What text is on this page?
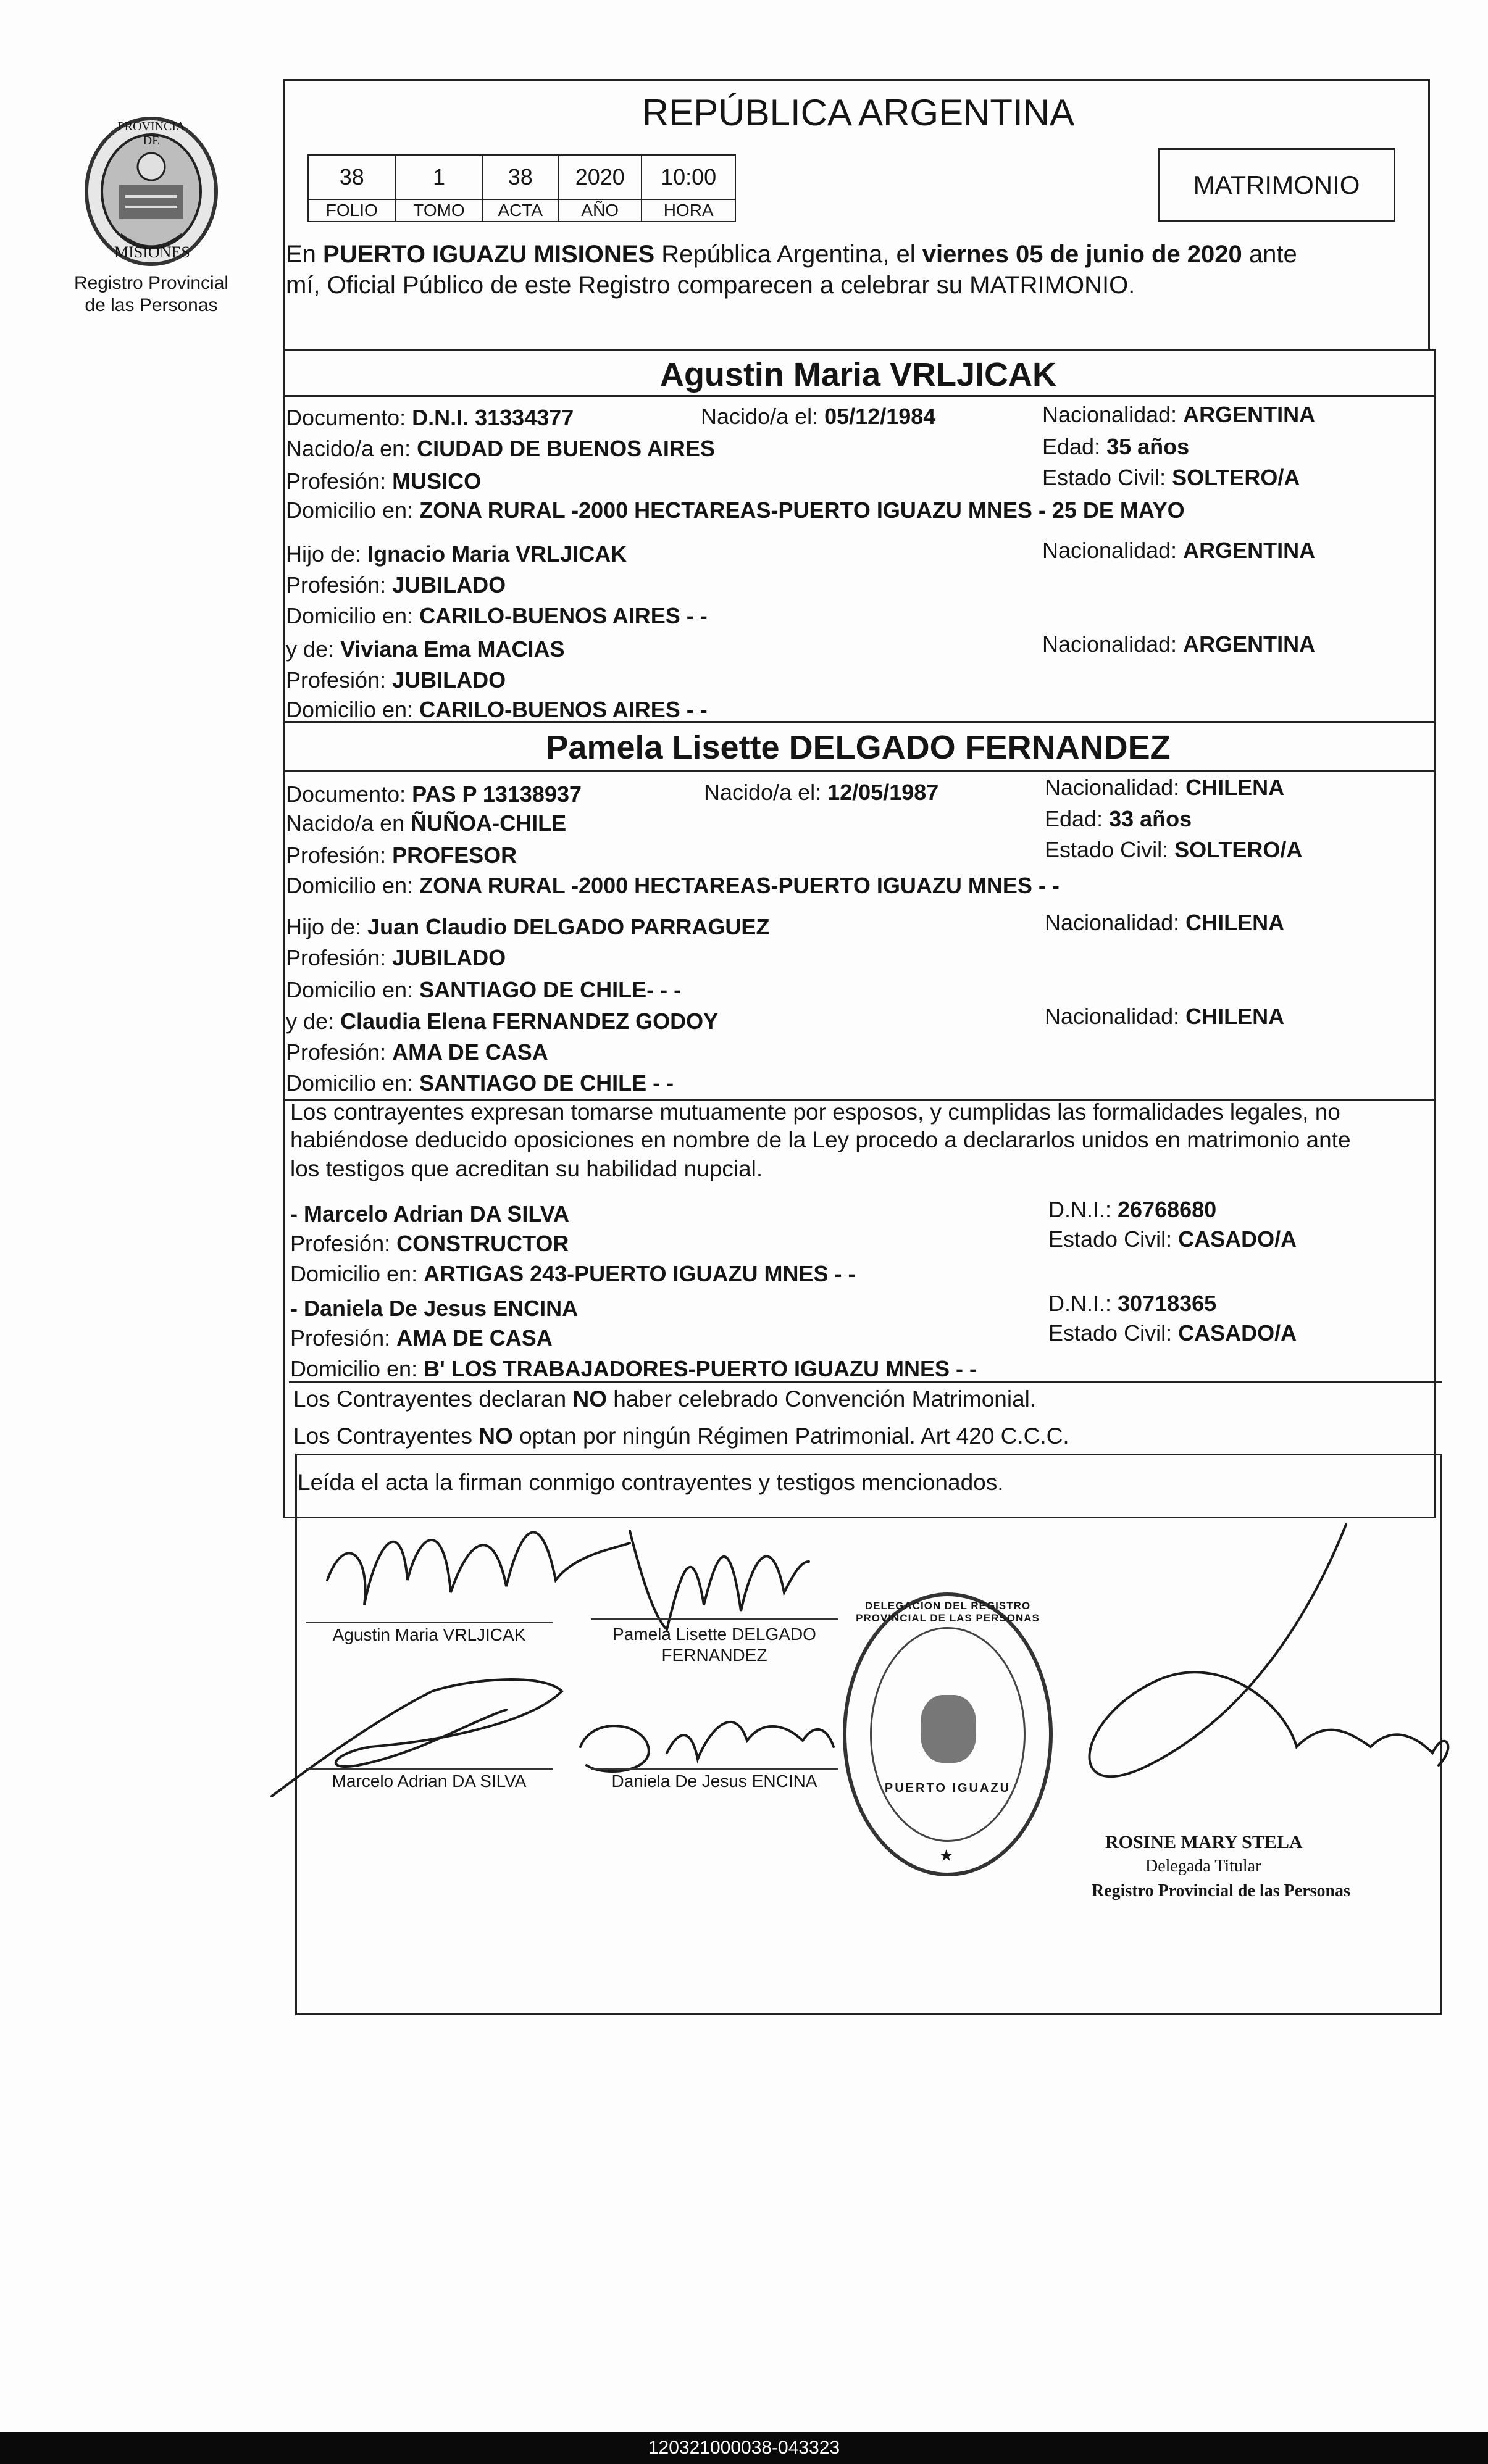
PROVINCIA DE
MISIONES
Registro Provincial
de las Personas
REPÚBLICA ARGENTINA
38	1	38	2020	10:00
FOLIO	TOMO	ACTA	AÑO	HORA
MATRIMONIO
En PUERTO IGUAZU MISIONES República Argentina, el viernes 05 de junio de 2020 ante
mí, Oficial Público de este Registro comparecen a celebrar su MATRIMONIO.
Agustin Maria VRLJICAK
Documento: D.N.I. 31334377	Nacido/a el: 05/12/1984	Nacionalidad: ARGENTINA
Nacido/a en: CIUDAD DE BUENOS AIRES	Edad: 35 años
Profesión: MUSICO	Estado Civil: SOLTERO/A
Domicilio en: ZONA RURAL -2000 HECTAREAS-PUERTO IGUAZU MNES - 25 DE MAYO
Hijo de: Ignacio Maria VRLJICAK	Nacionalidad: ARGENTINA
Profesión: JUBILADO
Domicilio en: CARILO-BUENOS AIRES - -
y de: Viviana Ema MACIAS	Nacionalidad: ARGENTINA
Profesión: JUBILADO
Domicilio en: CARILO-BUENOS AIRES - -
Pamela Lisette DELGADO FERNANDEZ
Documento: PAS P 13138937	Nacido/a el: 12/05/1987	Nacionalidad: CHILENA
Nacido/a en ÑUÑOA-CHILE	Edad: 33 años
Profesión: PROFESOR	Estado Civil: SOLTERO/A
Domicilio en: ZONA RURAL -2000 HECTAREAS-PUERTO IGUAZU MNES - -
Hijo de: Juan Claudio DELGADO PARRAGUEZ	Nacionalidad: CHILENA
Profesión: JUBILADO
Domicilio en: SANTIAGO DE CHILE- - -
y de: Claudia Elena FERNANDEZ GODOY	Nacionalidad: CHILENA
Profesión: AMA DE CASA
Domicilio en: SANTIAGO DE CHILE - -
Los contrayentes expresan tomarse mutuamente por esposos, y cumplidas las formalidades legales, no
habiéndose deducido oposiciones en nombre de la Ley procedo a declararlos unidos en matrimonio ante
los testigos que acreditan su habilidad nupcial.
- Marcelo Adrian DA SILVA	D.N.I.: 26768680
Profesión: CONSTRUCTOR	Estado Civil: CASADO/A
Domicilio en: ARTIGAS 243-PUERTO IGUAZU MNES - -
- Daniela De Jesus ENCINA	D.N.I.: 30718365
Profesión: AMA DE CASA	Estado Civil: CASADO/A
Domicilio en: B' LOS TRABAJADORES-PUERTO IGUAZU MNES - -
Los Contrayentes declaran NO haber celebrado Convención Matrimonial.
Los Contrayentes NO optan por ningún Régimen Patrimonial. Art 420 C.C.C.
Leída el acta la firman conmigo contrayentes y testigos mencionados.
Agustin Maria VRLJICAK	Pamela Lisette DELGADO
FERNANDEZ
Marcelo Adrian DA SILVA	Daniela De Jesus ENCINA
DELEGACION DEL REGISTRO PROVINCIAL DE LAS PERSONAS
PUERTO IGUAZU
★
ROSINE MARY STELA
Delegada Titular
Registro Provincial de las Personas
120321000038-043323
